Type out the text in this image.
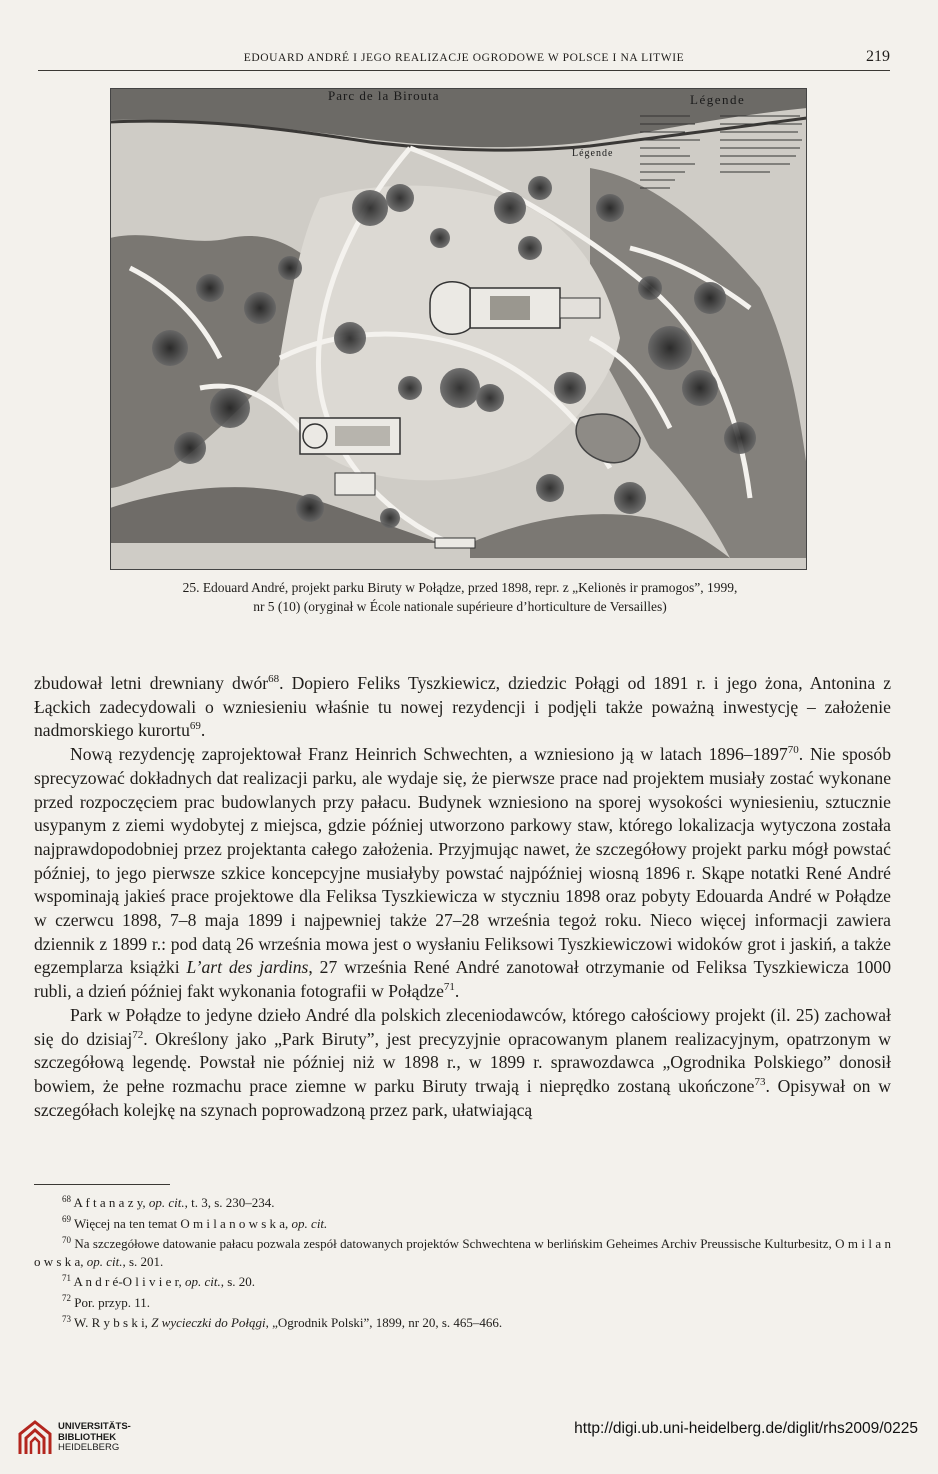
EDOUARD ANDRÉ I JEGO REALIZACJE OGRODOWE W POLSCE I NA LITWIE	219
Parc de la Birouta	Légende
Légende
25. Edouard André, projekt parku Biruty w Połądze, przed 1898, repr. z „Kelionės ir pramogos”, 1999,
nr 5 (10) (oryginał w École nationale supérieure d’horticulture de Versailles)

zbudował letni drewniany dwór$^{68}$. Dopiero Feliks Tyszkiewicz, dziedzic Połągi od 1891 r. i jego żona, Antonina z Łąckich zadecydowali o wzniesieniu właśnie tu nowej rezydencji i podjęli także poważną inwestycję – założenie nadmorskiego kurortu$^{69}$.

Nową rezydencję zaprojektował Franz Heinrich Schwechten, a wzniesiono ją w latach 1896–1897$^{70}$. Nie sposób sprecyzować dokładnych dat realizacji parku, ale wydaje się, że pierwsze prace nad projektem musiały zostać wykonane przed rozpoczęciem prac budowlanych przy pałacu. Budynek wzniesiono na sporej wysokości wyniesieniu, sztucznie usypanym z ziemi wydobytej z miejsca, gdzie później utworzono parkowy staw, którego lokalizacja wytyczona została najprawdopodobniej przez projektanta całego założenia. Przyjmując nawet, że szczegółowy projekt parku mógł powstać później, to jego pierwsze szkice koncepcyjne musiałyby powstać najpóźniej wiosną 1896 r. Skąpe notatki René André wspominają jakieś prace projektowe dla Feliksa Tyszkiewicza w styczniu 1898 oraz pobyty Edouarda André w Połądze w czerwcu 1898, 7–8 maja 1899 i najpewniej także 27–28 września tegoż roku. Nieco więcej informacji zawiera dziennik z 1899 r.: pod datą 26 września mowa jest o wysłaniu Feliksowi Tyszkiewiczowi widoków grot i jaskiń, a także egzemplarza książki L’art des jardins, 27 września René André zanotował otrzymanie od Feliksa Tyszkiewicza 1000 rubli, a dzień później fakt wykonania fotografii w Połądze$^{71}$.

Park w Połądze to jedyne dzieło André dla polskich zleceniodawców, którego całościowy projekt (il. 25) zachował się do dzisiaj$^{72}$. Określony jako „Park Biruty”, jest precyzyjnie opracowanym planem realizacyjnym, opatrzonym w szczegółową legendę. Powstał nie później niż w 1898 r., w 1899 r. sprawozdawca „Ogrodnika Polskiego” donosił bowiem, że pełne rozmachu prace ziemne w parku Biruty trwają i nieprędko zostaną ukończone$^{73}$. Opisywał on w szczegółach kolejkę na szynach poprowadzoną przez park, ułatwiającą

$^{68}$ A f t a n a z y, op. cit., t. 3, s. 230–234.
$^{69}$ Więcej na ten temat O m i l a n o w s k a, op. cit.
$^{70}$ Na szczegółowe datowanie pałacu pozwala zespół datowanych projektów Schwechtena w berlińskim Geheimes Archiv Preussische Kulturbesitz, O m i l a n o w s k a, op. cit., s. 201.
$^{71}$ A n d r é-O l i v i e r, op. cit., s. 20.
$^{72}$ Por. przyp. 11.
$^{73}$ W. R y b s k i, Z wycieczki do Połągi, „Ogrodnik Polski”, 1899, nr 20, s. 465–466.
UNIVERSITÄTS-
BIBLIOTHEK
HEIDELBERG
http://digi.ub.uni-heidelberg.de/diglit/rhs2009/0225
